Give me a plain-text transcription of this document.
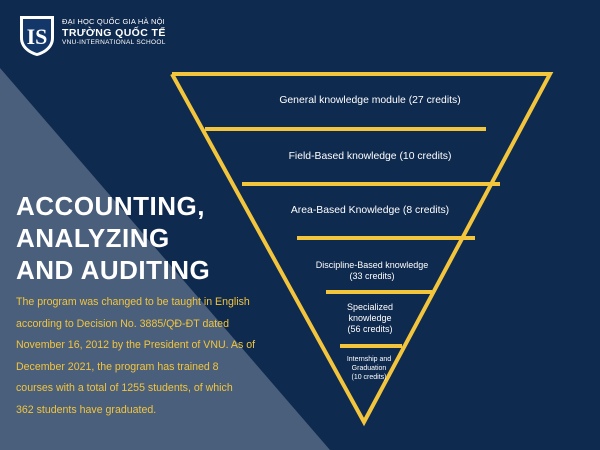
IS
ĐẠI HỌC QUỐC GIA HÀ NỘI
TRƯỜNG QUỐC TẾ
VNU-INTERNATIONAL SCHOOL
ACCOUNTING,
ANALYZING
AND AUDITING
The program was changed to be taught in English
according to Decision No. 3885/QĐ-ĐT dated
November 16, 2012 by the President of VNU. As of
December 2021, the program has trained 8
courses with a total of 1255 students, of which
362 students have graduated.
General knowledge module (27 credits)
Field-Based knowledge (10 credits)
Area-Based Knowledge (8 credits)
Discipline-Based knowledge
(33 credits)
Specialized
knowledge
(56 credits)
Internship and
Graduation
(10 credits)
